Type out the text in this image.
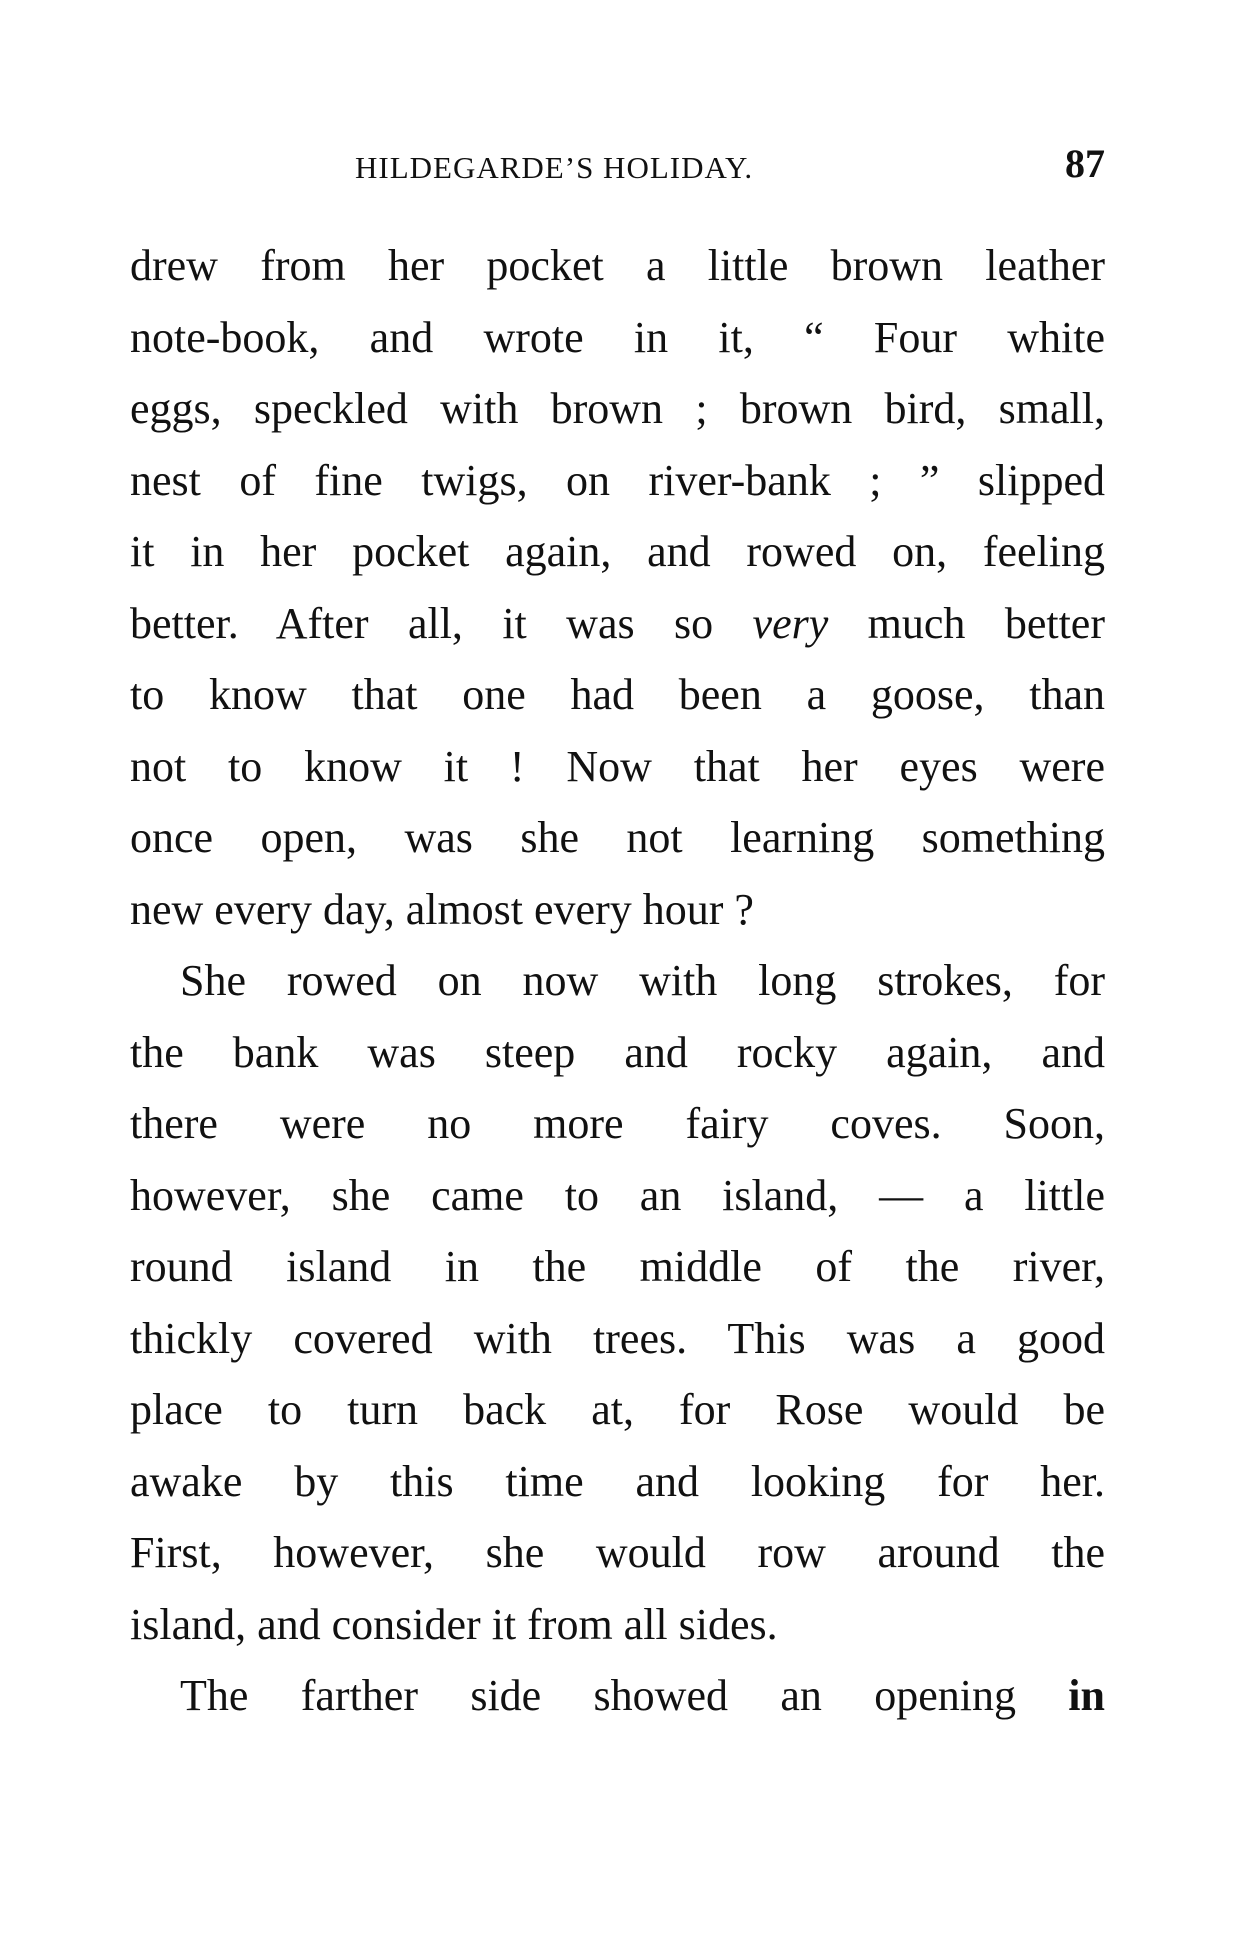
HILDEGARDE’S HOLIDAY.	87
drew from her pocket a little brown leather
note-book, and wrote in it, “ Four white
eggs, speckled with brown ; brown bird, small,
nest of fine twigs, on river-bank ; ” slipped
it in her pocket again, and rowed on, feeling
better. After all, it was so very much better
to know that one had been a goose, than
not to know it ! Now that her eyes were
once open, was she not learning something
new every day, almost every hour ?
She rowed on now with long strokes, for
the bank was steep and rocky again, and
there were no more fairy coves. Soon,
however, she came to an island, — a little
round island in the middle of the river,
thickly covered with trees. This was a good
place to turn back at, for Rose would be
awake by this time and looking for her.
First, however, she would row around the
island, and consider it from all sides.
The farther side showed an opening in
